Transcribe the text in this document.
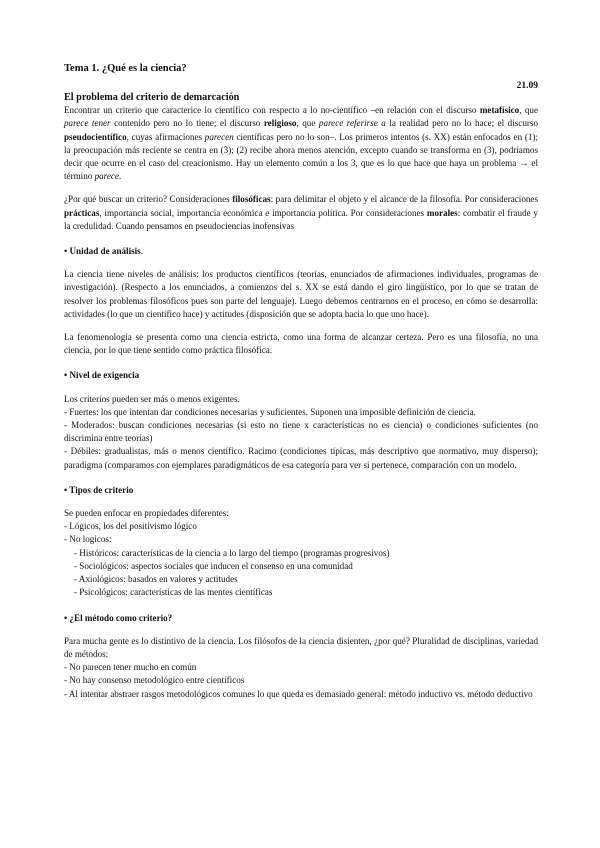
Tema 1. ¿Qué es la ciencia?
21.09
El problema del criterio de demarcación

Encontrar un criterio que caracterice lo científico con respecto a lo no-científico –en relación con el discurso metafísico, que parece tener contenido pero no lo tiene; el discurso religioso, que parece referirse a la realidad pero no lo hace; el discurso pseudocientífico, cuyas afirmaciones parecen científicas pero no lo son–. Los primeros intentos (s. XX) están enfocados en (1); la preocupación más reciente se centra en (3); (2) recibe ahora menos atención, excepto cuando se transforma en (3), podríamos decir que ocurre en el caso del creacionismo. Hay un elemento común a los 3, que es lo que hace que haya un problema → el término parece.

¿Por qué buscar un criterio? Consideraciones filosóficas: para delimitar el objeto y el alcance de la filosofía. Por consideraciones prácticas, importancia social, importancia económica e importancia política. Por consideraciones morales: combatir el fraude y la credulidad. Cuando pensamos en pseudociencias inofensivas

• Unidad de análisis.

La ciencia tiene niveles de análisis: los productos científicos (teorías, enunciados de afirmaciones individuales, programas de investigación). (Respecto a los enunciados, a comienzos del s. XX se está dando el giro lingüístico, por lo que se tratan de resolver los problemas filosóficos pues son parte del lenguaje). Luego debemos centrarnos en el proceso, en cómo se desarrolla: actividades (lo que un científico hace) y actitudes (disposición que se adopta hacia lo que uno hace).

La fenomenología se presenta como una ciencia estricta, como una forma de alcanzar certeza. Pero es una filosofía, no una ciencia, por lo que tiene sentido como práctica filosófica.

• Nivel de exigencia

Los criterios pueden ser más o menos exigentes.

- Fuertes: los que intentan dar condiciones necesarias y suficientes. Suponen una imposible definición de ciencia.

- Moderados: buscan condiciones necesarias (si esto no tiene x características no es ciencia) o condiciones suficientes (no discrimina entre teorías)

- Débiles: gradualistas, más o menos científico. Racimo (condiciones típicas, más descriptivo que normativo, muy disperso); paradigma (comparamos con ejemplares paradigmáticos de esa categoría para ver si pertenece, comparación con un modelo.

• Tipos de criterio

Se pueden enfocar en propiedades diferentes:

- Lógicos, los del positivismo lógico

- No logicos:

- Históricos: características de la ciencia a lo largo del tiempo (programas progresivos)

- Sociológicos: aspectos sociales que inducen el consenso en una comunidad

- Axiológicos: basados en valores y actitudes

- Psicológicos: características de las mentes científicas

• ¿El método como criterio?

Para mucha gente es lo distintivo de la ciencia. Los filósofos de la ciencia disienten, ¿por qué? Pluralidad de disciplinas, variedad de métodos:

- No parecen tener mucho en común

- No hay consenso metodológico entre científicos

- Al intentar abstraer rasgos metodológicos comunes lo que queda es demasiado general: método inductivo vs. método deductivo
